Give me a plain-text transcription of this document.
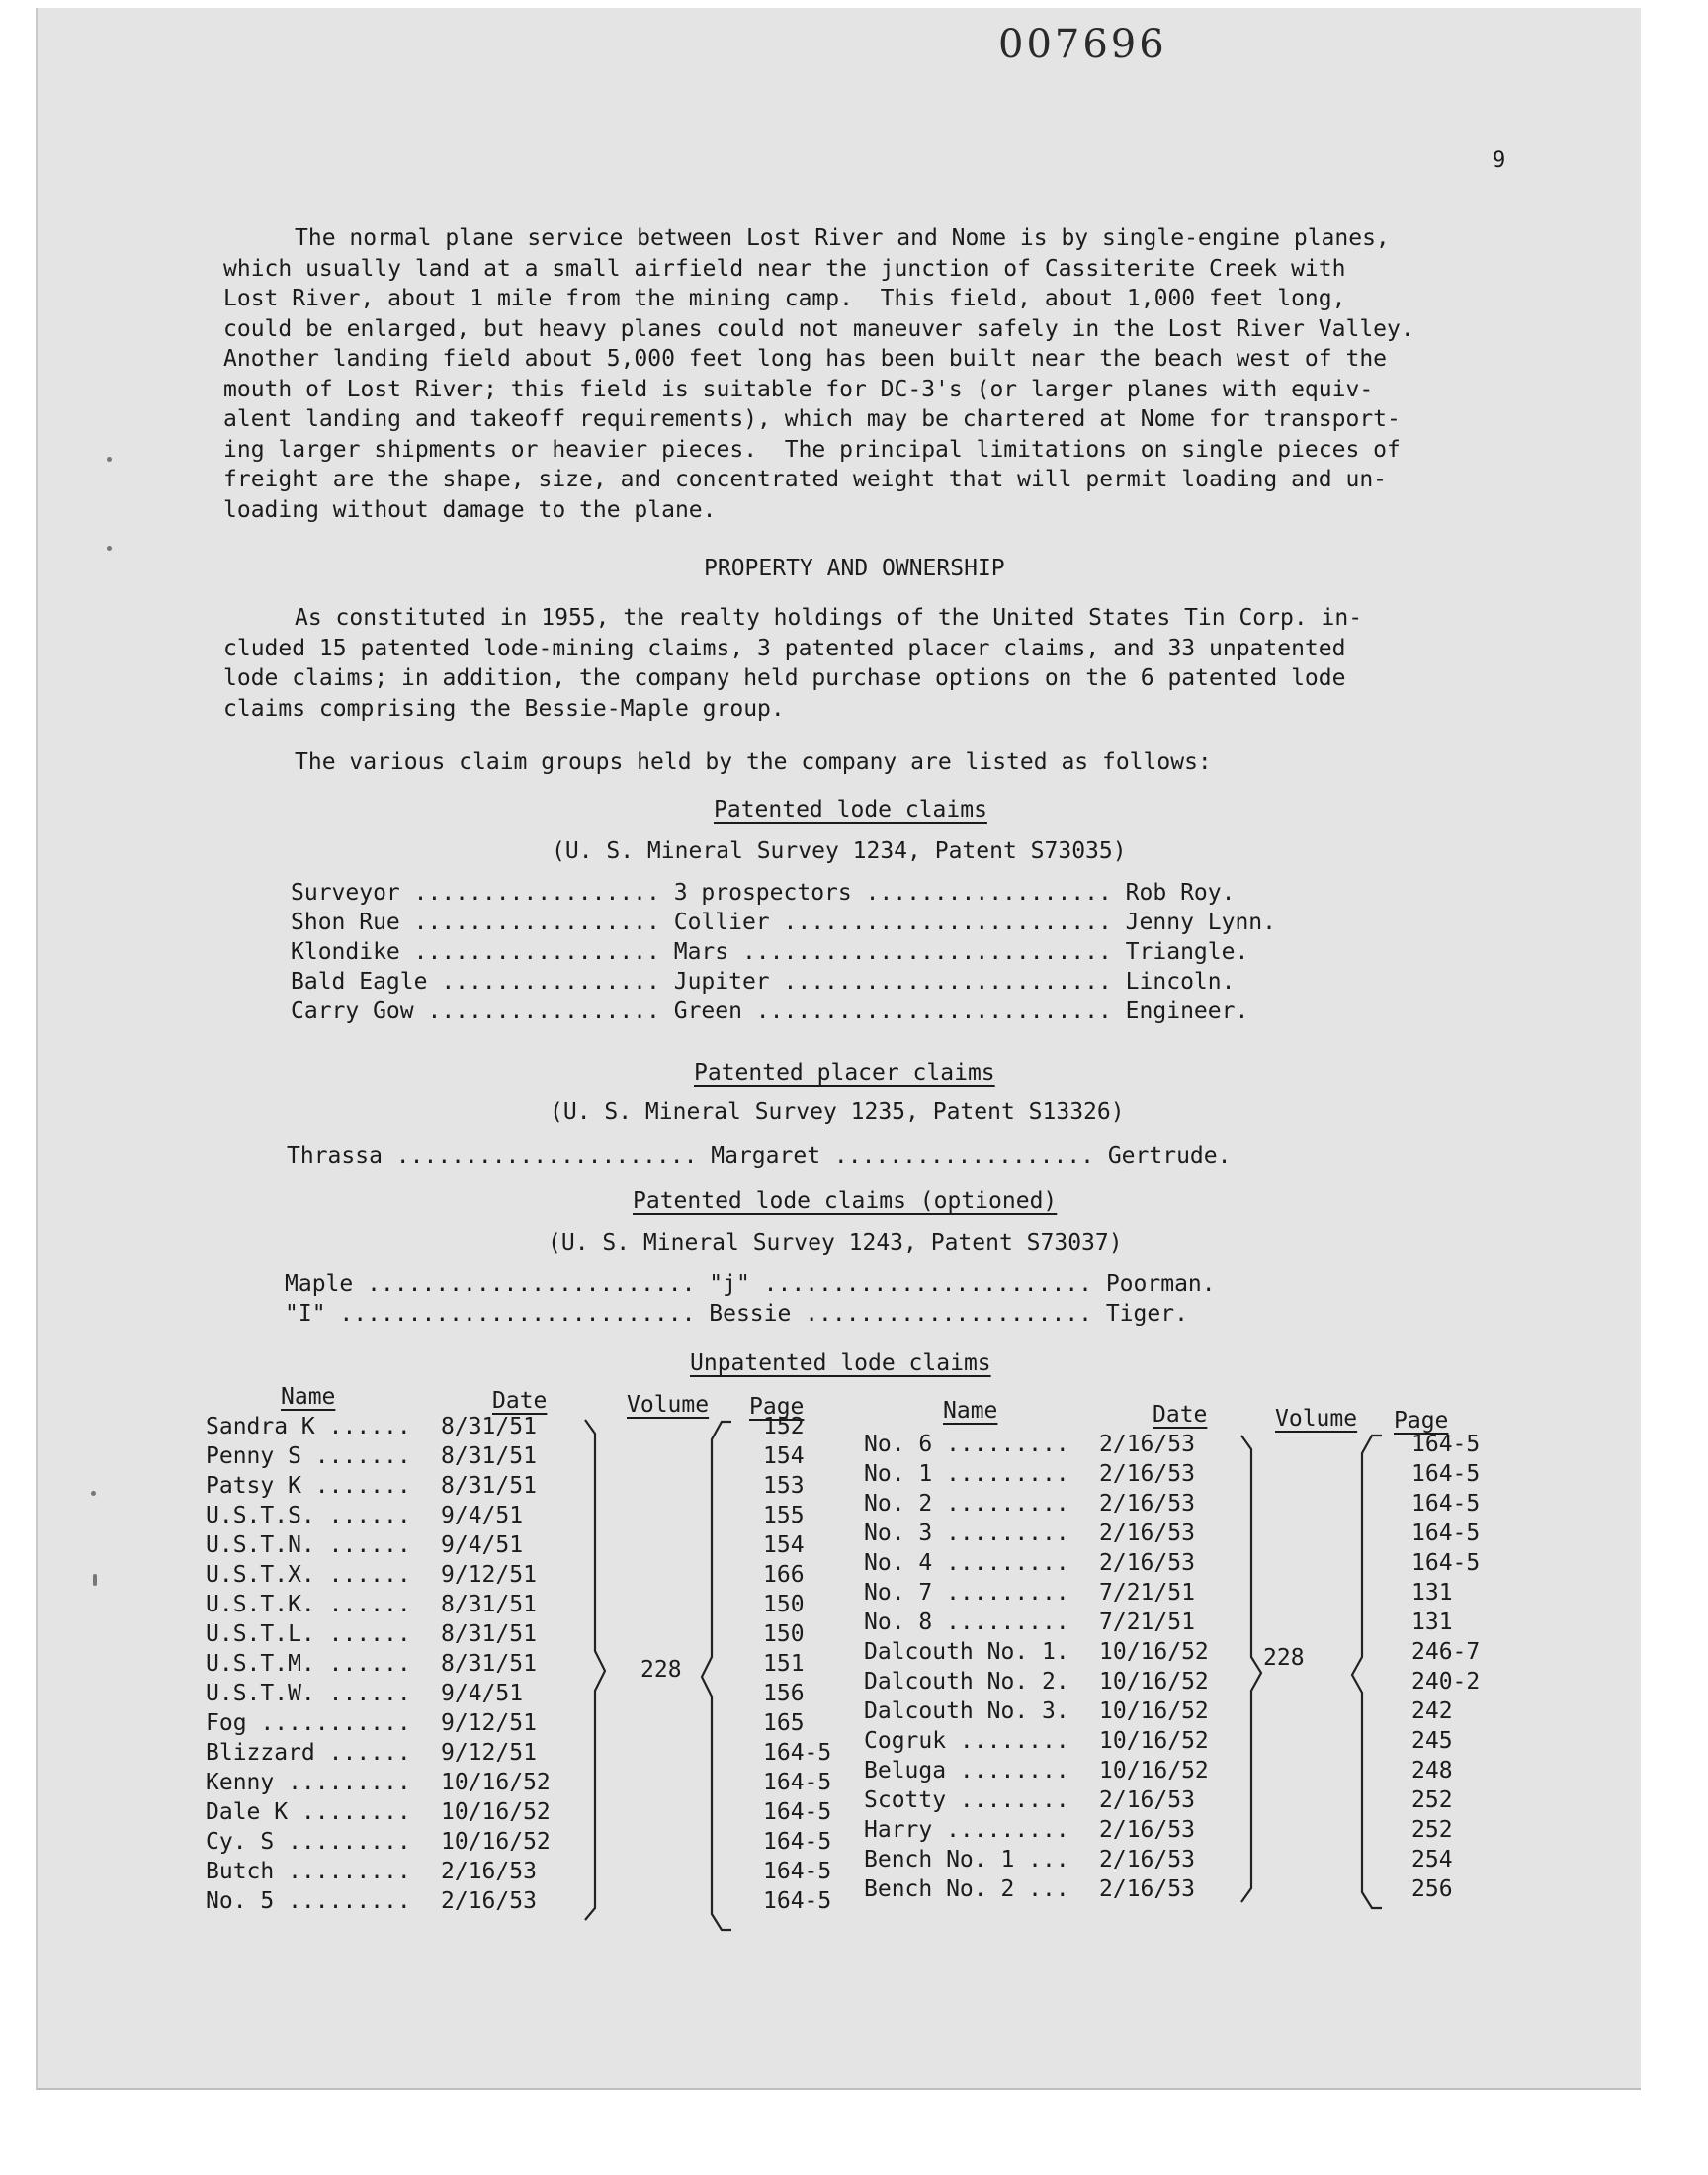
007696
9
The normal plane service between Lost River and Nome is by single-engine planes,
which usually land at a small airfield near the junction of Cassiterite Creek with
Lost River, about 1 mile from the mining camp.  This field, about 1,000 feet long,
could be enlarged, but heavy planes could not maneuver safely in the Lost River Valley.
Another landing field about 5,000 feet long has been built near the beach west of the
mouth of Lost River; this field is suitable for DC-3's (or larger planes with equiv-
alent landing and takeoff requirements), which may be chartered at Nome for transport-
ing larger shipments or heavier pieces.  The principal limitations on single pieces of
freight are the shape, size, and concentrated weight that will permit loading and un-
loading without damage to the plane.
PROPERTY AND OWNERSHIP
As constituted in 1955, the realty holdings of the United States Tin Corp. in-
cluded 15 patented lode-mining claims, 3 patented placer claims, and 33 unpatented
lode claims; in addition, the company held purchase options on the 6 patented lode
claims comprising the Bessie-Maple group.
The various claim groups held by the company are listed as follows:
Patented lode claims
(U. S. Mineral Survey 1234, Patent S73035)
Surveyor .................. 3 prospectors .................. Rob Roy.
Shon Rue .................. Collier ........................ Jenny Lynn.
Klondike .................. Mars ........................... Triangle.
Bald Eagle ................ Jupiter ........................ Lincoln.
Carry Gow ................. Green .......................... Engineer.
Patented placer claims
(U. S. Mineral Survey 1235, Patent S13326)
Thrassa ...................... Margaret ................... Gertrude.
Patented lode claims (optioned)
(U. S. Mineral Survey 1243, Patent S73037)
Maple ........................ "j" ........................ Poorman.
"I" .......................... Bessie ..................... Tiger.
Unpatented lode claims
Name	Date	Volume Page	Name	Date	Volume Page
Sandra K ......	8/31/51		152
Penny S .......	8/31/51		154
Patsy K .......	8/31/51		153
U.S.T.S. ......	9/4/51		155
U.S.T.N. ......	9/4/51		154
U.S.T.X. ......	9/12/51		166
U.S.T.K. ......	8/31/51		150
U.S.T.L. ......	8/31/51		150
U.S.T.M. ......	8/31/51		151
U.S.T.W. ......	9/4/51		156
Fog ...........	9/12/51		165
Blizzard ......	9/12/51		164-5
Kenny .........	10/16/52		164-5
Dale K ........	10/16/52		164-5
Cy. S .........	10/16/52		164-5
Butch .........	2/16/53		164-5
No. 5 .........	2/16/53		164-5
No. 6 .........	2/16/53		164-5
No. 1 .........	2/16/53		164-5
No. 2 .........	2/16/53		164-5
No. 3 .........	2/16/53		164-5
No. 4 .........	2/16/53		164-5
No. 7 .........	7/21/51		131
No. 8 .........	7/21/51		131
Dalcouth No. 1.	10/16/52		246-7
Dalcouth No. 2.	10/16/52		240-2
Dalcouth No. 3.	10/16/52		242
Cogruk ........	10/16/52		245
Beluga ........	10/16/52		248
Scotty ........	2/16/53		252
Harry .........	2/16/53		252
Bench No. 1 ...	2/16/53		254
Bench No. 2 ...	2/16/53		256
228	228
